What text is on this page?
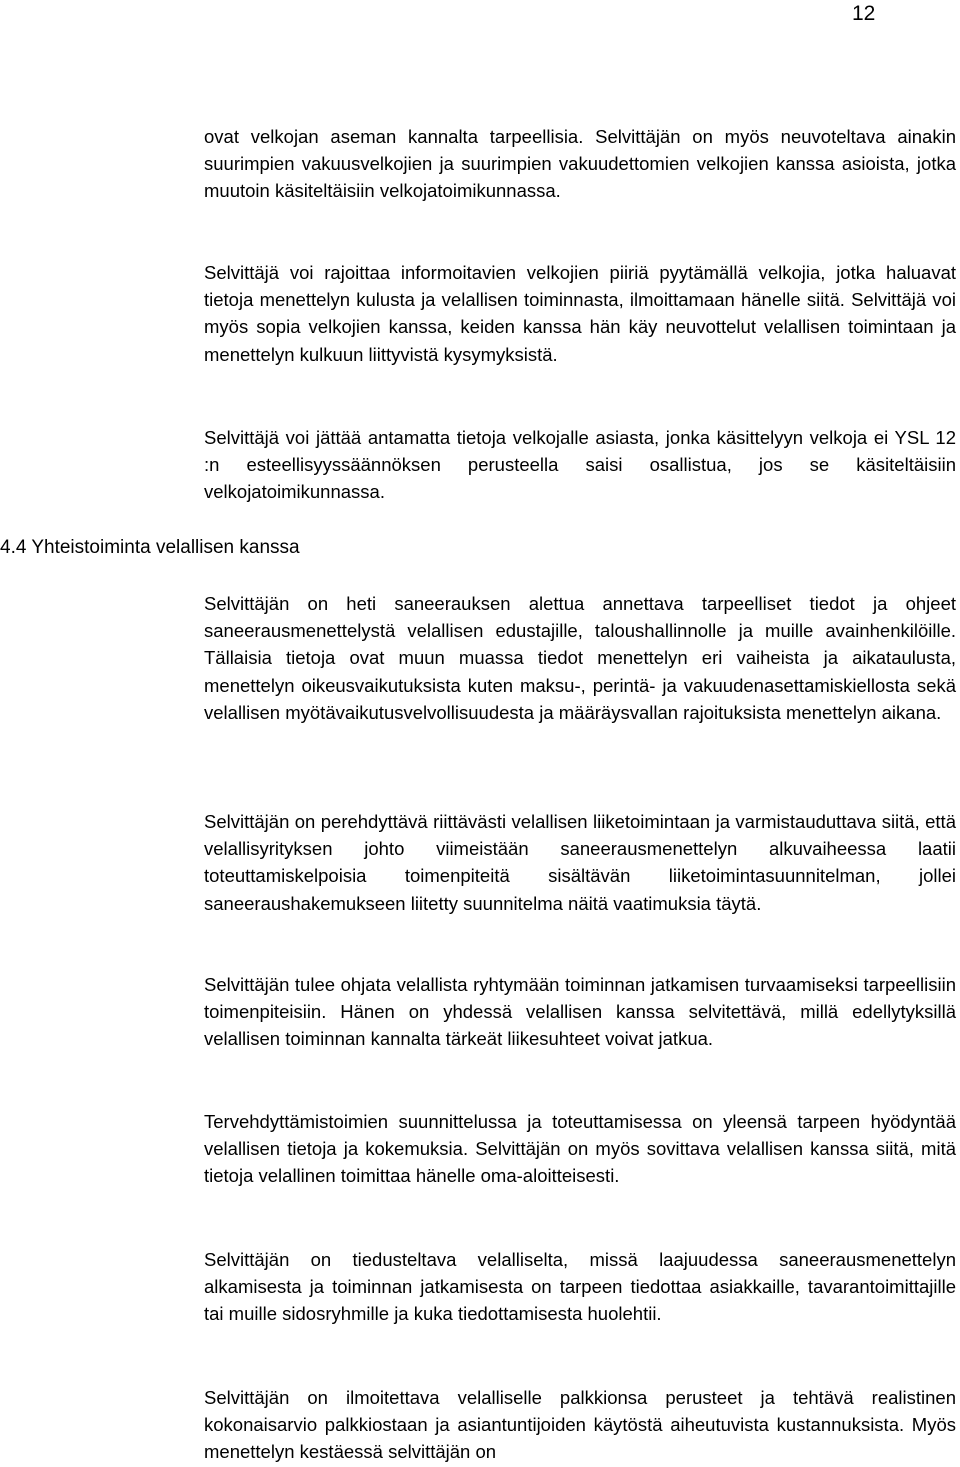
12

ovat velkojan aseman kannalta tarpeellisia. Selvittäjän on myös neuvoteltava ainakin suurimpien vakuusvelkojien ja suurimpien vakuudettomien velkojien kanssa asioista, jotka muutoin käsiteltäisiin velkojatoimikunnassa.

Selvittäjä voi rajoittaa informoitavien velkojien piiriä pyytämällä velkojia, jotka haluavat tietoja menettelyn kulusta ja velallisen toiminnasta, ilmoittamaan hänelle siitä. Selvittäjä voi myös sopia velkojien kanssa, keiden kanssa hän käy neuvottelut velallisen toimintaan ja menettelyn kulkuun liittyvistä kysymyksistä.

Selvittäjä voi jättää antamatta tietoja velkojalle asiasta, jonka käsittelyyn velkoja ei YSL 12 :n esteellisyyssäännöksen perusteella saisi osallistua, jos se käsiteltäisiin velkojatoimikunnassa.

4.4 Yhteistoiminta velallisen kanssa

Selvittäjän on heti saneerauksen alettua annettava tarpeelliset tiedot ja ohjeet saneerausmenettelystä velallisen edustajille, taloushallinnolle ja muille avainhenkilöille. Tällaisia tietoja ovat muun muassa tiedot menettelyn eri vaiheista ja aikataulusta, menettelyn oikeusvaikutuksista kuten maksu-, perintä- ja vakuudenasettamiskiellosta sekä velallisen myötävaikutusvelvollisuudesta ja määräysvallan rajoituksista menettelyn aikana.

Selvittäjän on perehdyttävä riittävästi velallisen liiketoimintaan ja varmistauduttava siitä, että velallisyrityksen johto viimeistään saneerausmenettelyn alkuvaiheessa laatii toteuttamiskelpoisia toimenpiteitä sisältävän liiketoimintasuunnitelman, jollei saneeraushakemukseen liitetty suunnitelma näitä vaatimuksia täytä.

Selvittäjän tulee ohjata velallista ryhtymään toiminnan jatkamisen turvaamiseksi tarpeellisiin toimenpiteisiin. Hänen on yhdessä velallisen kanssa selvitettävä, millä edellytyksillä velallisen toiminnan kannalta tärkeät liikesuhteet voivat jatkua.

Tervehdyttämistoimien suunnittelussa ja toteuttamisessa on yleensä tarpeen hyödyntää velallisen tietoja ja kokemuksia. Selvittäjän on myös sovittava velallisen kanssa siitä, mitä tietoja velallinen toimittaa hänelle oma-aloitteisesti.

Selvittäjän on tiedusteltava velalliselta, missä laajuudessa saneerausmenettelyn alkamisesta ja toiminnan jatkamisesta on tarpeen tiedottaa asiakkaille, tavarantoimittajille tai muille sidosryhmille ja kuka tiedottamisesta huolehtii.

Selvittäjän on ilmoitettava velalliselle palkkionsa perusteet ja tehtävä realistinen kokonaisarvio palkkiostaan ja asiantuntijoiden käytöstä aiheutuvista kustannuksista. Myös menettelyn kestäessä selvittäjän on
